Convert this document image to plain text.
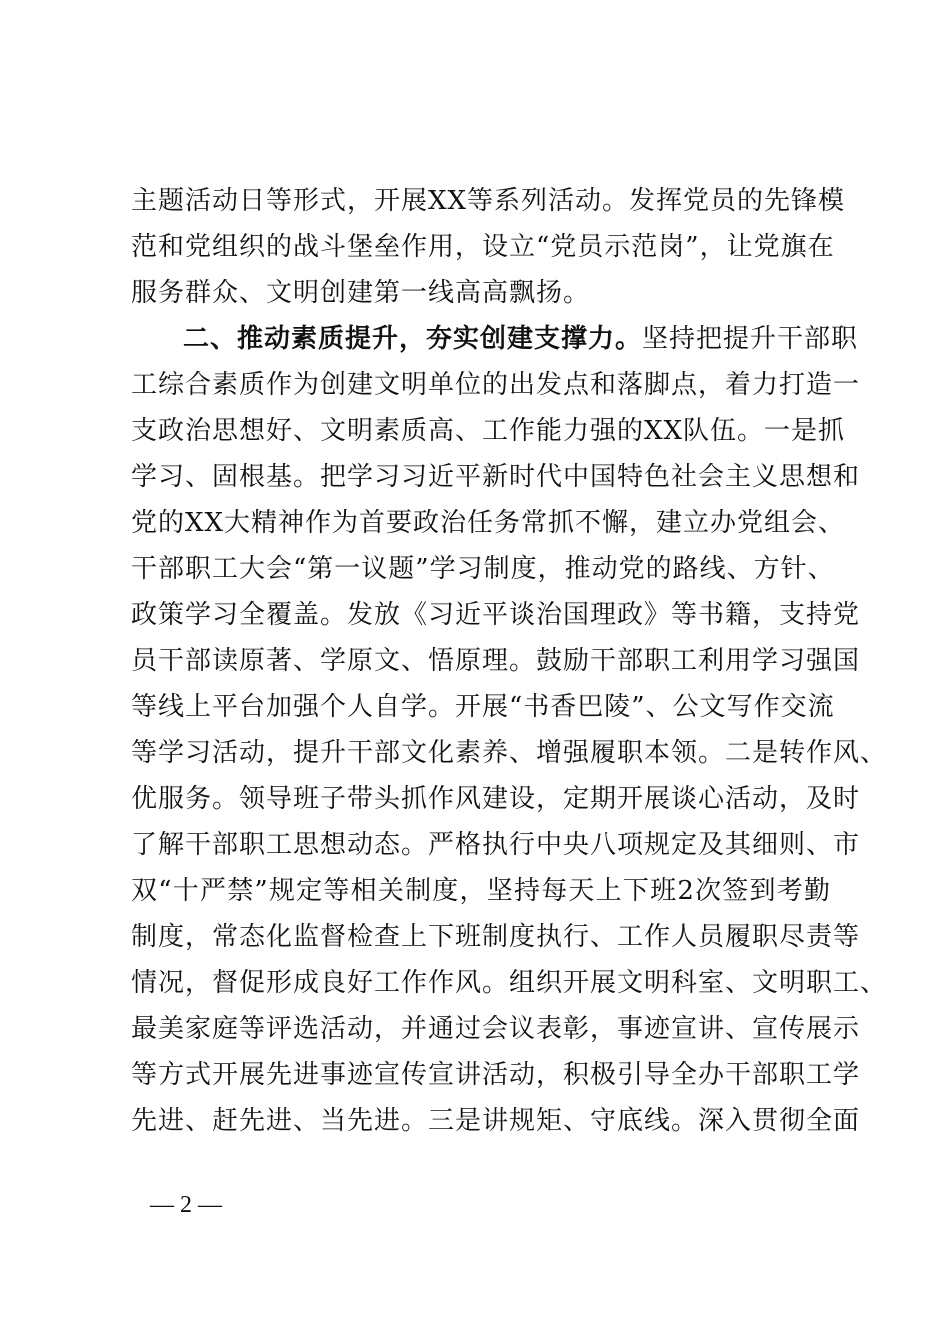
主题活动日等形式，开展XX等系列活动。发挥党员的先锋模
范和党组织的战斗堡垒作用，设立“党员示范岗”，让党旗在
服务群众、文明创建第一线高高飘扬。
二、推动素质提升，夯实创建支撑力。坚持把提升干部职
工综合素质作为创建文明单位的出发点和落脚点，着力打造一
支政治思想好、文明素质高、工作能力强的XX队伍。一是抓
学习、固根基。把学习习近平新时代中国特色社会主义思想和
党的XX大精神作为首要政治任务常抓不懈，建立办党组会、
干部职工大会“第一议题”学习制度，推动党的路线、方针、
政策学习全覆盖。发放《习近平谈治国理政》等书籍，支持党
员干部读原著、学原文、悟原理。鼓励干部职工利用学习强国
等线上平台加强个人自学。开展“书香巴陵”、公文写作交流
等学习活动，提升干部文化素养、增强履职本领。二是转作风、
优服务。领导班子带头抓作风建设，定期开展谈心活动，及时
了解干部职工思想动态。严格执行中央八项规定及其细则、市
双“十严禁”规定等相关制度，坚持每天上下班2次签到考勤
制度，常态化监督检查上下班制度执行、工作人员履职尽责等
情况，督促形成良好工作作风。组织开展文明科室、文明职工、
最美家庭等评选活动，并通过会议表彰，事迹宣讲、宣传展示
等方式开展先进事迹宣传宣讲活动，积极引导全办干部职工学
先进、赶先进、当先进。三是讲规矩、守底线。深入贯彻全面
— 2 —
